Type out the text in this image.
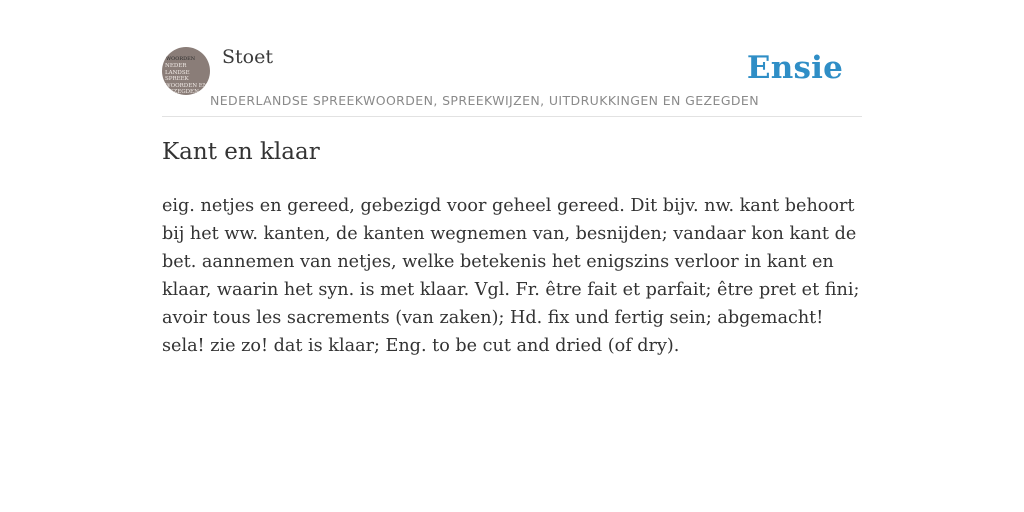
WOORDEN
NEDER
LANDSE
SPREEK
WOORDEN EN
GEZEGDEN
Stoet
NEDERLANDSE SPREEKWOORDEN, SPREEKWIJZEN, UITDRUKKINGEN EN GEZEGDEN
Ensie
Kant en klaar

eig. netjes en gereed, gebezigd voor geheel gereed. Dit bijv. nw. kant behoort bij het ww. kanten, de kanten wegnemen van, besnijden; vandaar kon kant de bet. aannemen van netjes, welke betekenis het enigszins verloor in kant en klaar, waarin het syn. is met klaar. Vgl. Fr. être fait et parfait; être pret et fini; avoir tous les sacrements (van zaken); Hd. fix und fertig sein; abgemacht! sela! zie zo! dat is klaar; Eng. to be cut and dried (of dry).
